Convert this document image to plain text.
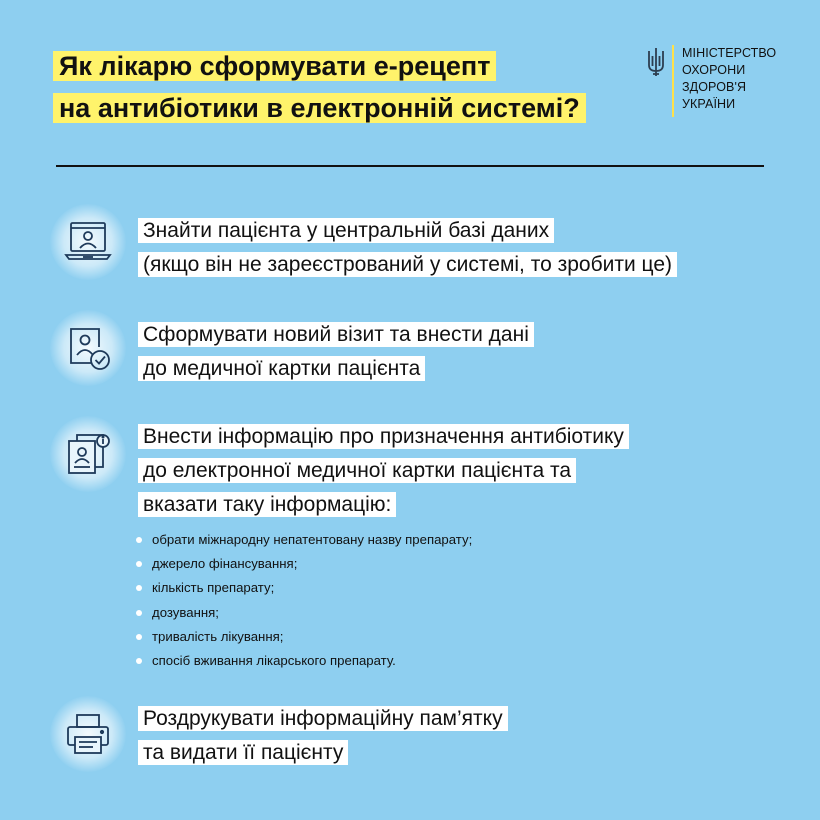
Як лікарю сформувати е-рецепт
на антибіотики в електронній системі?
МІНІСТЕРСТВО
ОХОРОНИ
ЗДОРОВ'Я
УКРАЇНИ
Знайти пацієнта у центральній базі даних
(якщо він не зареєстрований у системі, то зробити це)
Сформувати новий візит та внести дані
до медичної картки пацієнта
Внести інформацію про призначення антибіотику
до електронної медичної картки пацієнта та
вказати таку інформацію:
обрати міжнародну непатентовану назву препарату;
джерело фінансування;
кількість препарату;
дозування;
тривалість лікування;
спосіб вживання лікарського препарату.
Роздрукувати інформаційну пам’ятку
та видати її пацієнту
